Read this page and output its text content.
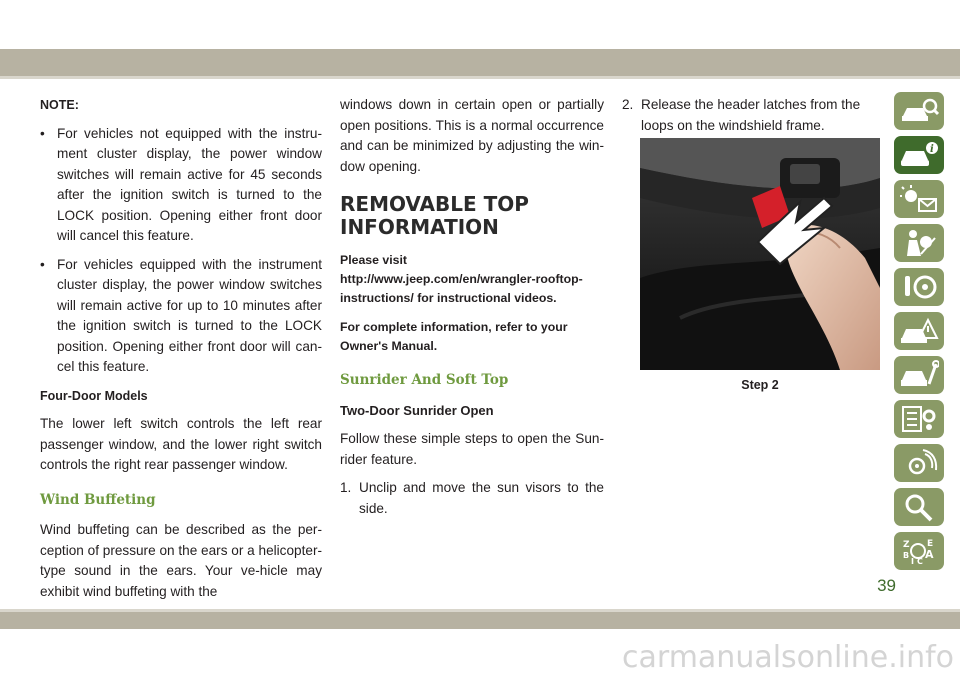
NOTE:
• For vehicles not equipped with the instru-ment cluster display, the power window switches will remain active for 45 seconds after the ignition switch is turned to the LOCK position. Opening either front door will cancel this feature.
• For vehicles equipped with the instrument cluster display, the power window switches will remain active for up to 10 minutes after the ignition switch is turned to the LOCK position. Opening either front door will can-cel this feature.
Four-Door Models

The lower left switch controls the left rear passenger window, and the lower right switch controls the right rear passenger window.

Wind Buffeting

Wind buffeting can be described as the per-ception of pressure on the ears or a helicopter-type sound in the ears. Your ve-hicle may exhibit wind buffeting with the

windows down in certain open or partially open positions. This is a normal occurrence and can be minimized by adjusting the win-dow opening.

REMOVABLE TOP
INFORMATION
Please visit http://www.jeep.com/en/wrangler-rooftop-instructions/ for instructional videos.
For complete information, refer to your Owner's Manual.
Sunrider And Soft Top
Two-Door Sunrider Open

Follow these simple steps to open the Sun-rider feature.

1. Unclip and move the sun visors to the side.
2. Release the header latches from the loops on the windshield frame.
Step 2
i
Z E
B A
I C
39
carmanualsonline.info
